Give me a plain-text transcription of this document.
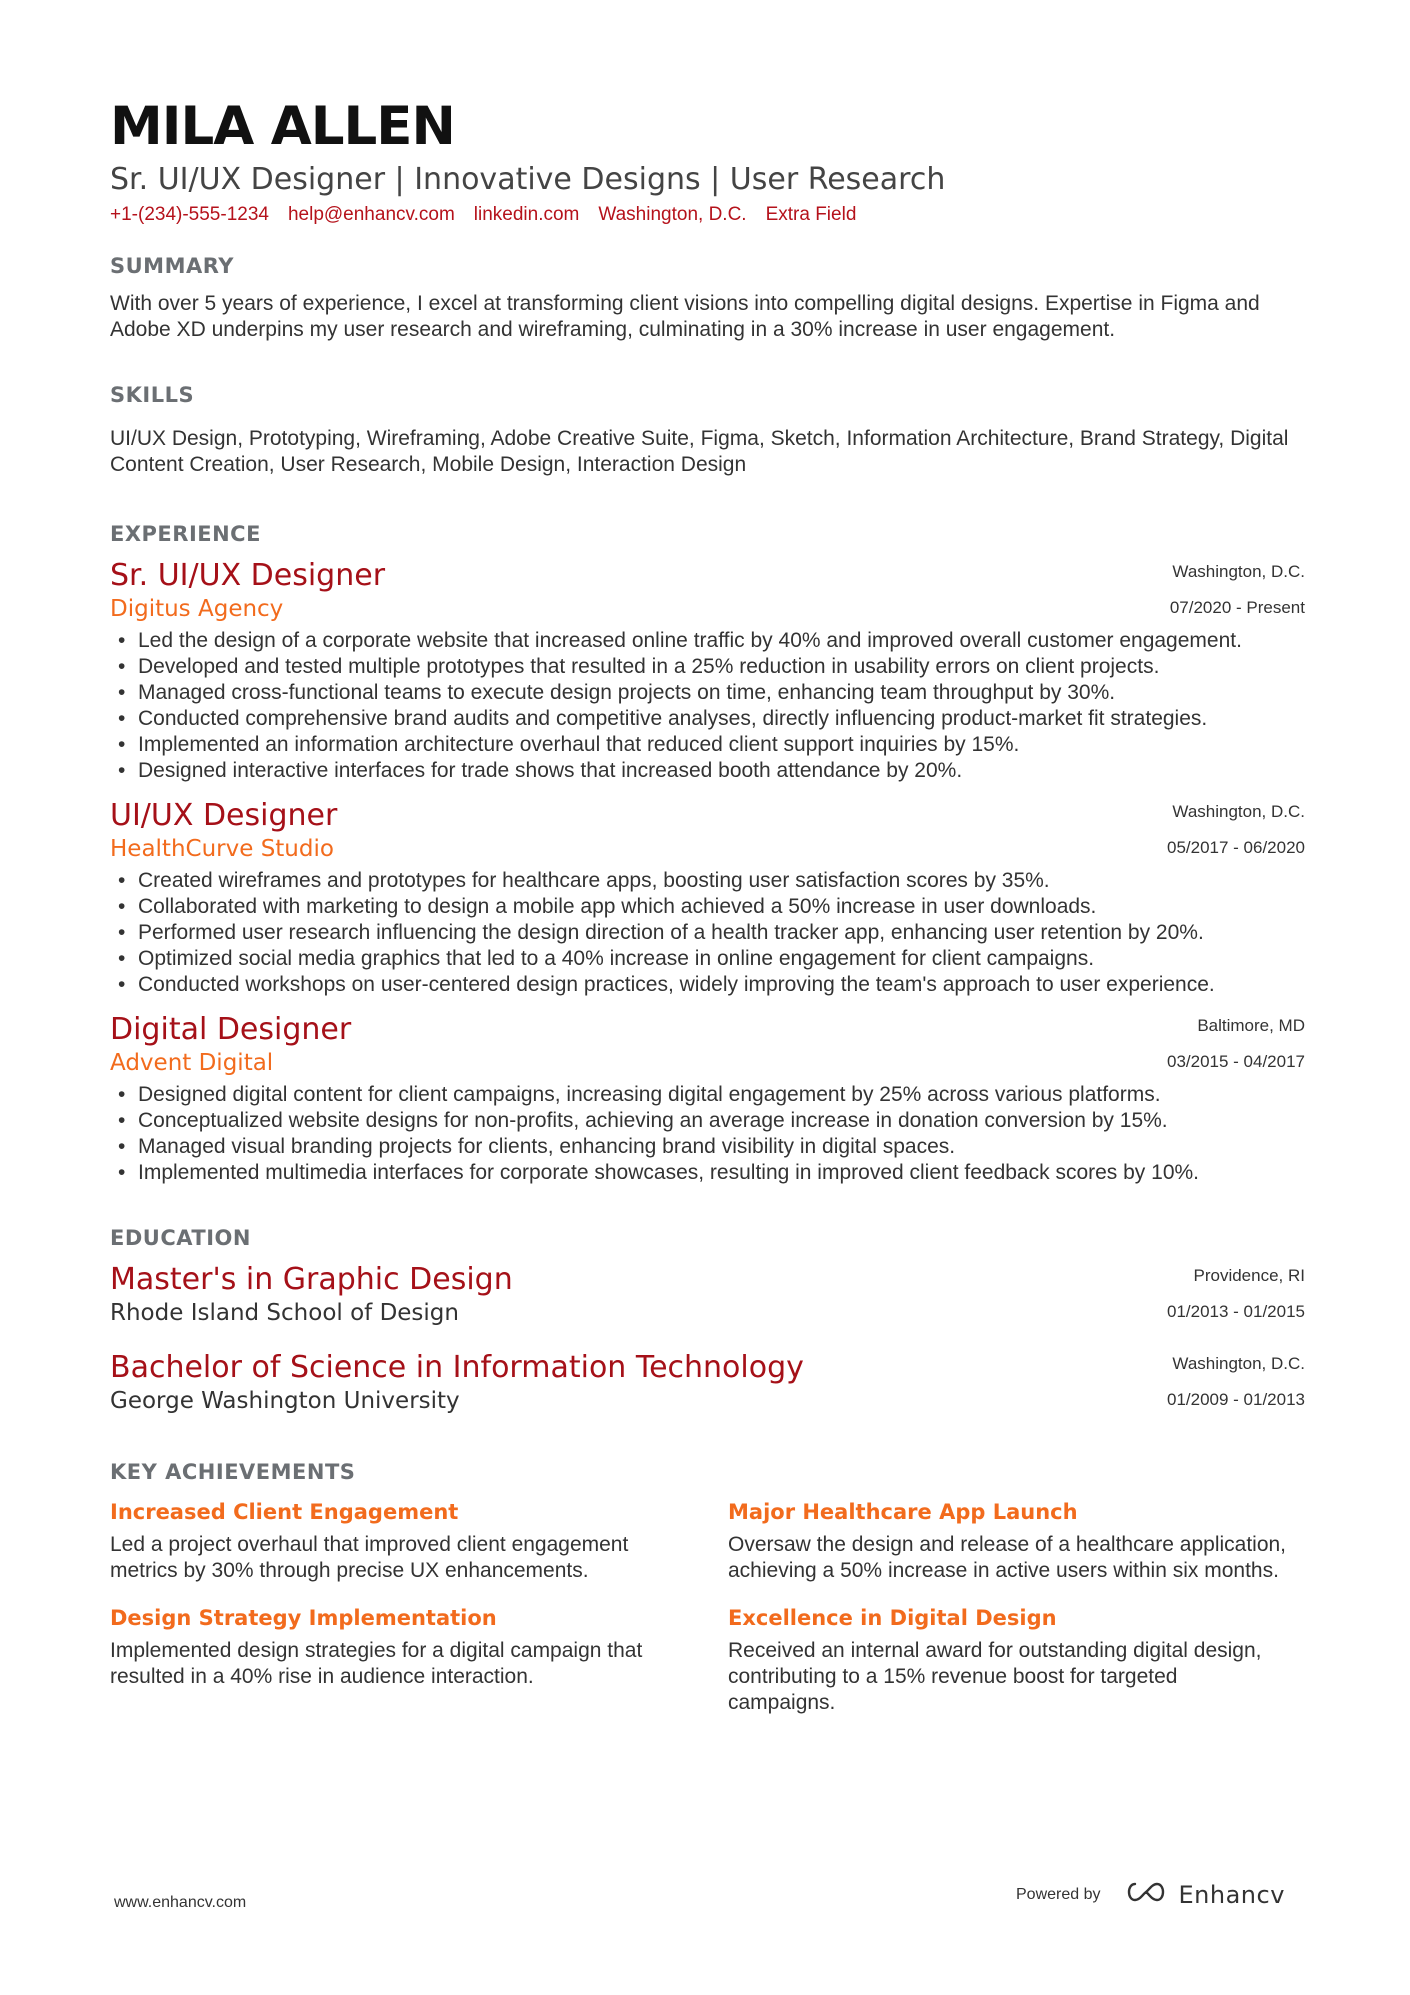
MILA ALLEN
Sr. UI/UX Designer | Innovative Designs | User Research
+1-(234)-555-1234 help@enhancv.com linkedin.com Washington, D.C. Extra Field
SUMMARY
With over 5 years of experience, I excel at transforming client visions into compelling digital designs. Expertise in Figma and Adobe XD underpins my user research and wireframing, culminating in a 30% increase in user engagement.
SKILLS
UI/UX Design, Prototyping, Wireframing, Adobe Creative Suite, Figma, Sketch, Information Architecture, Brand Strategy, Digital Content Creation, User Research, Mobile Design, Interaction Design
EXPERIENCE
Washington, D.C.
07/2020 - Present
Sr. UI/UX Designer
Digitus Agency
• Led the design of a corporate website that increased online traffic by 40% and improved overall customer engagement.
• Developed and tested multiple prototypes that resulted in a 25% reduction in usability errors on client projects.
• Managed cross-functional teams to execute design projects on time, enhancing team throughput by 30%.
• Conducted comprehensive brand audits and competitive analyses, directly influencing product-market fit strategies.
• Implemented an information architecture overhaul that reduced client support inquiries by 15%.
• Designed interactive interfaces for trade shows that increased booth attendance by 20%.
Washington, D.C.
05/2017 - 06/2020
UI/UX Designer
HealthCurve Studio
• Created wireframes and prototypes for healthcare apps, boosting user satisfaction scores by 35%.
• Collaborated with marketing to design a mobile app which achieved a 50% increase in user downloads.
• Performed user research influencing the design direction of a health tracker app, enhancing user retention by 20%.
• Optimized social media graphics that led to a 40% increase in online engagement for client campaigns.
• Conducted workshops on user-centered design practices, widely improving the team's approach to user experience.
Baltimore, MD
03/2015 - 04/2017
Digital Designer
Advent Digital
• Designed digital content for client campaigns, increasing digital engagement by 25% across various platforms.
• Conceptualized website designs for non-profits, achieving an average increase in donation conversion by 15%.
• Managed visual branding projects for clients, enhancing brand visibility in digital spaces.
• Implemented multimedia interfaces for corporate showcases, resulting in improved client feedback scores by 10%.
EDUCATION
Providence, RI
01/2013 - 01/2015
Master's in Graphic Design
Rhode Island School of Design
Washington, D.C.
01/2009 - 01/2013
Bachelor of Science in Information Technology
George Washington University
KEY ACHIEVEMENTS
Increased Client Engagement
Led a project overhaul that improved client engagement metrics by 30% through precise UX enhancements.
Major Healthcare App Launch
Oversaw the design and release of a healthcare application, achieving a 50% increase in active users within six months.
Design Strategy Implementation
Implemented design strategies for a digital campaign that resulted in a 40% rise in audience interaction.
Excellence in Digital Design
Received an internal award for outstanding digital design, contributing to a 15% revenue boost for targeted campaigns.
www.enhancv.com	Powered by	Enhancv
